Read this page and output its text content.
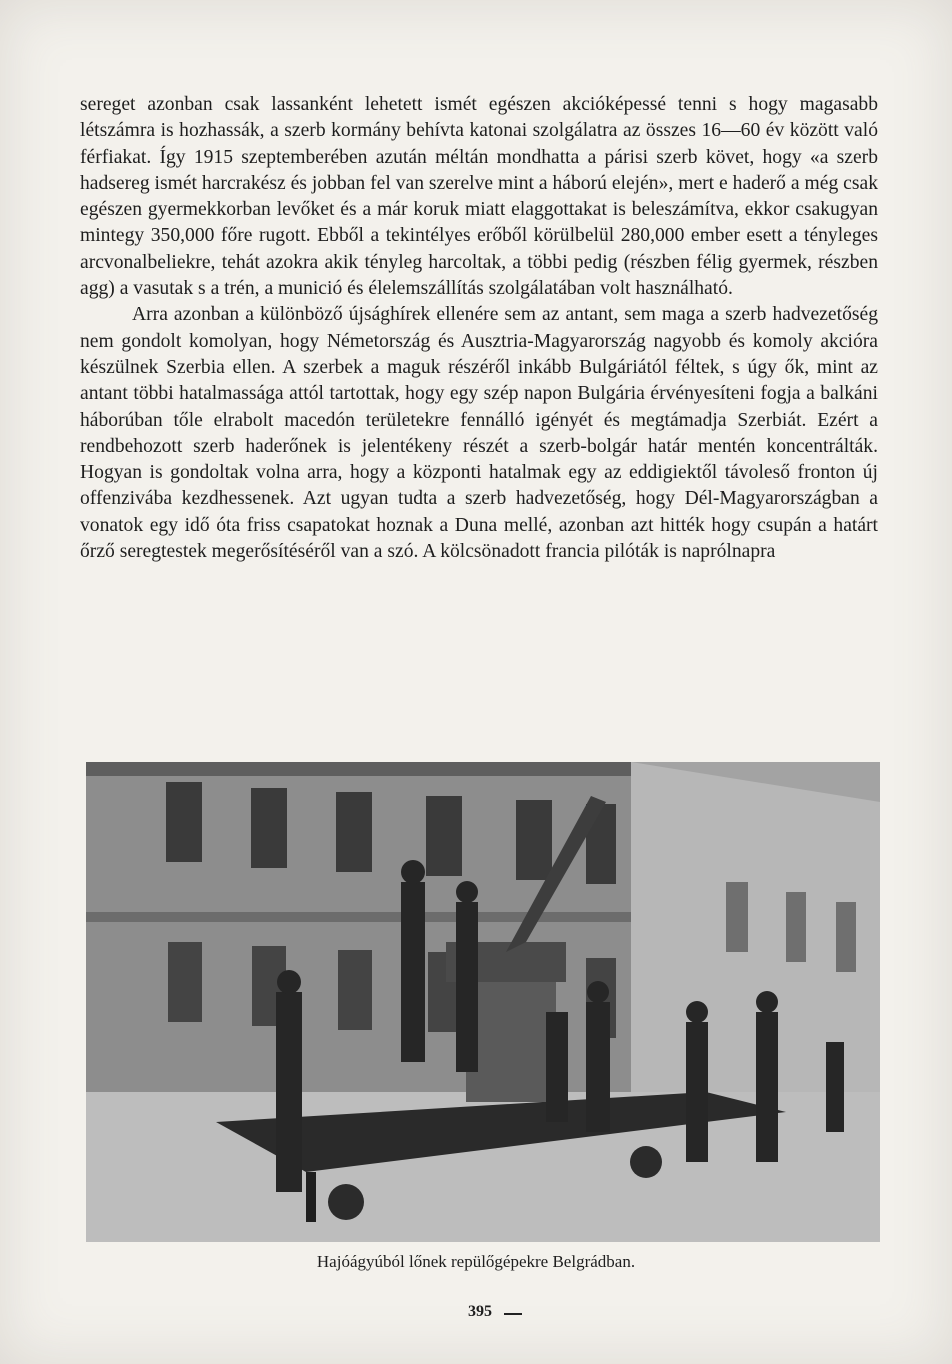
sereget azonban csak lassanként lehetett ismét egészen akcióképessé tenni s hogy magasabb létszámra is hozhassák, a szerb kormány behívta katonai szolgálatra az összes 16—60 év között való férfiakat. Így 1915 szeptemberében azután méltán mondhatta a párisi szerb követ, hogy «a szerb hadsereg ismét harcrakész és jobban fel van szerelve mint a háború elején», mert e haderő a még csak egészen gyermekkorban levőket és a már koruk miatt elaggottakat is beleszámítva, ekkor csakugyan mintegy 350,000 főre rugott. Ebből a tekintélyes erőből körülbelül 280,000 ember esett a tényleges arcvonalbeliekre, tehát azokra akik tényleg harcoltak, a többi pedig (részben félig gyermek, részben agg) a vasutak s a trén, a munició és élelemszállítás szolgálatában volt használható.

Arra azonban a különböző újsághírek ellenére sem az antant, sem maga a szerb hadvezetőség nem gondolt komolyan, hogy Németország és Ausztria-Magyarország nagyobb és komoly akcióra készülnek Szerbia ellen. A szerbek a maguk részéről inkább Bulgáriától féltek, s úgy ők, mint az antant többi hatalmassága attól tartottak, hogy egy szép napon Bulgária érvényesíteni fogja a balkáni háborúban tőle elrabolt macedón területekre fennálló igényét és megtámadja Szerbiát. Ezért a rendbehozott szerb haderőnek is jelentékeny részét a szerb-bolgár határ mentén koncentrálták. Hogyan is gondoltak volna arra, hogy a központi hatalmak egy az eddigiektől távoleső fronton új offenzivába kezdhessenek. Azt ugyan tudta a szerb hadvezetőség, hogy Dél-Magyarországban a vonatok egy idő óta friss csapatokat hoznak a Duna mellé, azonban azt hitték hogy csupán a határt őrző seregtestek megerősítéséről van a szó. A kölcsönadott francia pilóták is naprólnapra

Hajóágyúból lőnek repülőgépekre Belgrádban.

395
